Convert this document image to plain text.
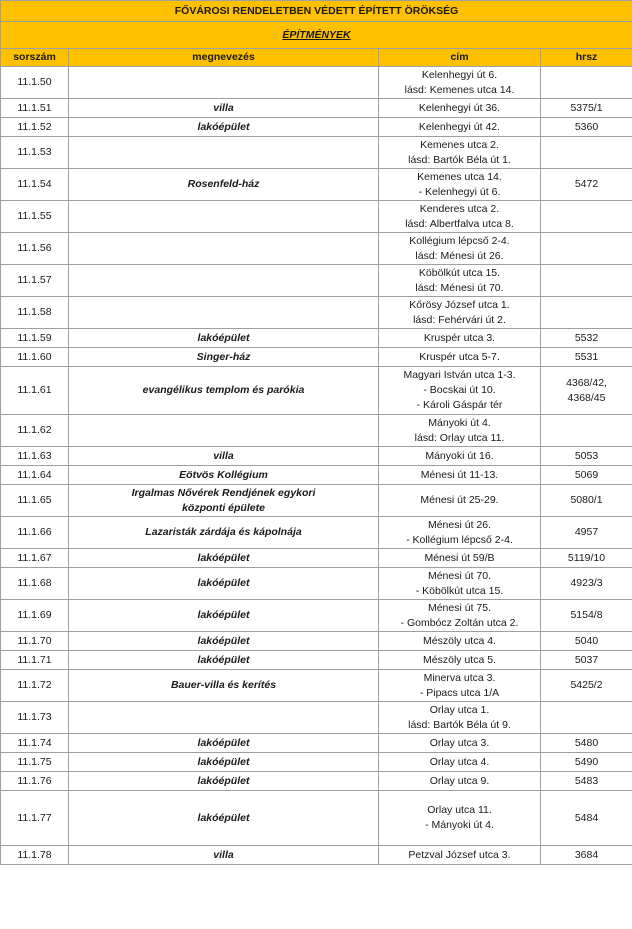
FŐVÁROSI RENDELETBEN VÉDETT ÉPÍTETT ÖRÖKSÉG			
ÉPÍTMÉNYEK			
sorszám	megnevezés	cím	hrsz
11.1.50		Kelenhegyi út 6.
lásd: Kemenes utca 14.	

11.1.51	villa	Kelenhegyi út 36.	5375/1

11.1.52	lakóépület	Kelenhegyi út 42.	5360

11.1.53		Kemenes utca 2.
lásd: Bartók Béla út 1.	

11.1.54	Rosenfeld-ház	Kemenes utca 14.
- Kelenhegyi út 6.	5472

11.1.55		Kenderes utca 2.
lásd: Albertfalva utca 8.	

11.1.56		Kollégium lépcső 2-4.
lásd: Ménesi út 26.	

11.1.57		Köbölkút utca 15.
lásd: Ménesi út 70.	

11.1.58		Kőrösy József utca 1.
lásd: Fehérvári út 2.	

11.1.59	lakóépület	Kruspér utca 3.	5532

11.1.60	Singer-ház	Kruspér utca 5-7.	5531

11.1.61	evangélikus templom és parókia	Magyari István utca 1-3.
- Bocskai út 10.
- Károli Gáspár tér	4368/42,
4368/45

11.1.62		Mányoki út 4.
lásd: Orlay utca 11.	

11.1.63	villa	Mányoki út 16.	5053

11.1.64	Eötvös Kollégium	Ménesi út 11-13.	5069

11.1.65	Irgalmas Nővérek Rendjének egykori
központi épülete	Ménesi út 25-29.	5080/1

11.1.66	Lazaristák zárdája és kápolnája	Ménesi út 26.
- Kollégium lépcső 2-4.	4957

11.1.67	lakóépület	Ménesi út 59/B	5119/10

11.1.68	lakóépület	Ménesi út 70.
- Köbölkút utca 15.	4923/3

11.1.69	lakóépület	Ménesi út 75.
- Gombócz Zoltán utca 2.	5154/8

11.1.70	lakóépület	Mészöly utca 4.	5040

11.1.71	lakóépület	Mészöly utca 5.	5037

11.1.72	Bauer-villa és kerítés	Minerva utca 3.
- Pipacs utca 1/A	5425/2

11.1.73		Orlay utca 1.
lásd: Bartók Béla út 9.	

11.1.74	lakóépület	Orlay utca 3.	5480

11.1.75	lakóépület	Orlay utca 4.	5490

11.1.76	lakóépület	Orlay utca 9.	5483

11.1.77	lakóépület	Orlay utca 11.
- Mányoki út 4.	5484

11.1.78	villa	Petzval József utca 3.	3684
